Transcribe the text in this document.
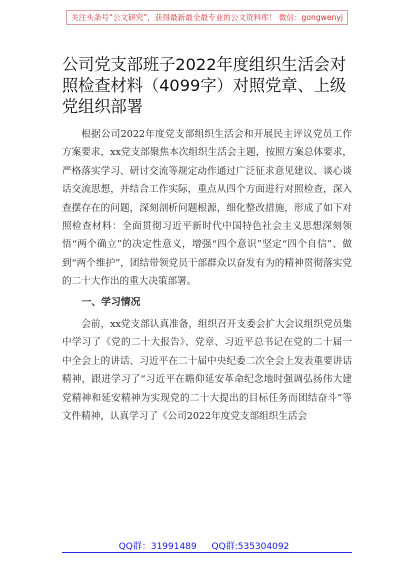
关注头条号“公文研究”，获得最新最全最专业的公文资料库！ 微信：gongwenyj
公司党支部班子2022年度组织生活会对照检查材料（4099字）对照党章、上级党组织部署

根据公司2022年度党支部组织生活会和开展民主评议党员工作方案要求，xx党支部聚焦本次组织生活会主题，按照方案总体要求，严格落实学习、研讨交流等规定动作通过广泛征求意见建议、谈心谈话交流思想，并结合工作实际，重点从四个方面进行对照检查，深入查摆存在的问题，深刻剖析问题根源，细化整改措施，形成了如下对照检查材料：全面贯彻习近平新时代中国特色社会主义思想深刻领悟“两个确立”的决定性意义，增强“四个意识”坚定“四个自信”、做到“两个维护”，团结带领党员干部群众以奋发有为的精神贯彻落实党的二十大作出的重大决策部署。

一、学习情况

会前，xx党支部认真准备，组织召开支委会扩大会议组织党员集中学习了《党的二十大报告》、党章、习近平总书记在党的二十届一中全会上的讲话、习近平在二十届中央纪委二次全会上发表重要讲话精神，跟进学习了“习近平在瞻仰延安革命纪念地时强调弘扬伟大建党精神和延安精神为实现党的二十大提出的目标任务而团结奋斗”等文件精神，认真学习了《公司2022年度党支部组织生活会

QQ群：31991489 QQ群:535304092
